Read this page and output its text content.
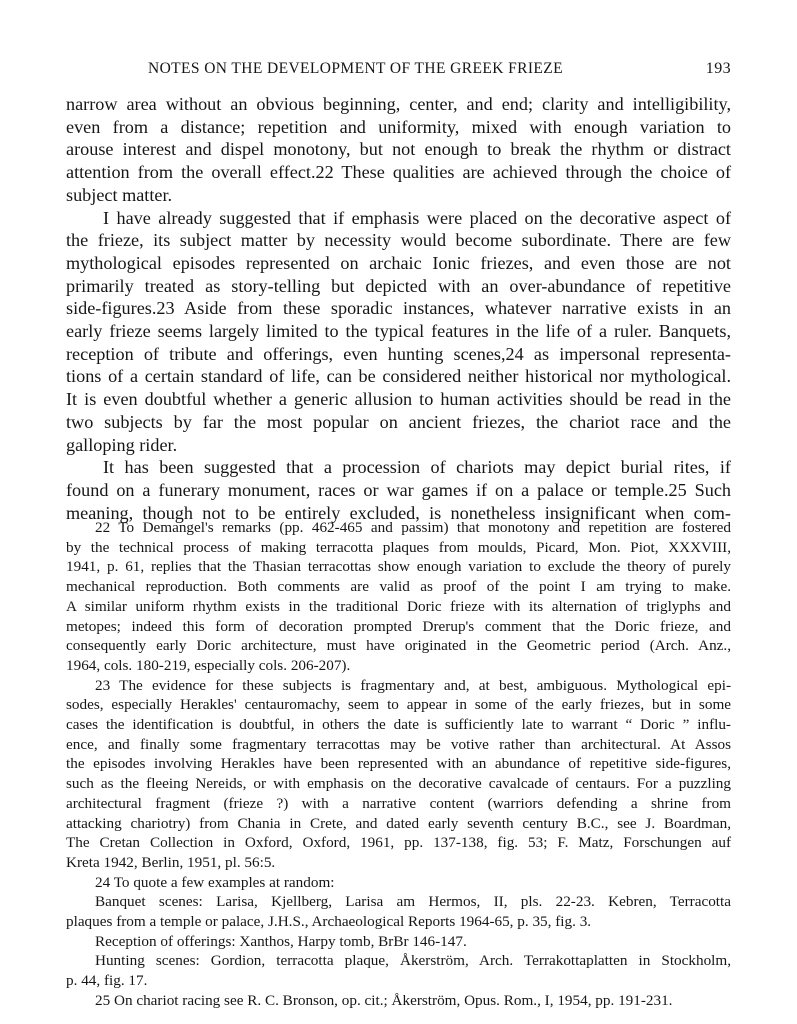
NOTES ON THE DEVELOPMENT OF THE GREEK FRIEZE	193
narrow area without an obvious beginning, center, and end; clarity and intelligibility,
even from a distance; repetition and uniformity, mixed with enough variation to
arouse interest and dispel monotony, but not enough to break the rhythm or distract
attention from the overall effect.22 These qualities are achieved through the choice of
subject matter.
I have already suggested that if emphasis were placed on the decorative aspect of
the frieze, its subject matter by necessity would become subordinate. There are few
mythological episodes represented on archaic Ionic friezes, and even those are not
primarily treated as story-telling but depicted with an over-abundance of repetitive
side-figures.23 Aside from these sporadic instances, whatever narrative exists in an
early frieze seems largely limited to the typical features in the life of a ruler. Banquets,
reception of tribute and offerings, even hunting scenes,24 as impersonal representa-
tions of a certain standard of life, can be considered neither historical nor mythological.
It is even doubtful whether a generic allusion to human activities should be read in the
two subjects by far the most popular on ancient friezes, the chariot race and the
galloping rider.
It has been suggested that a procession of chariots may depict burial rites, if
found on a funerary monument, races or war games if on a palace or temple.25 Such
meaning, though not to be entirely excluded, is nonetheless insignificant when com-
22 To Demangel's remarks (pp. 462-465 and passim) that monotony and repetition are fostered
by the technical process of making terracotta plaques from moulds, Picard, Mon. Piot, XXXVIII,
1941, p. 61, replies that the Thasian terracottas show enough variation to exclude the theory of purely
mechanical reproduction. Both comments are valid as proof of the point I am trying to make.
A similar uniform rhythm exists in the traditional Doric frieze with its alternation of triglyphs and
metopes; indeed this form of decoration prompted Drerup's comment that the Doric frieze, and
consequently early Doric architecture, must have originated in the Geometric period (Arch. Anz.,
1964, cols. 180-219, especially cols. 206-207).
23 The evidence for these subjects is fragmentary and, at best, ambiguous. Mythological epi-
sodes, especially Herakles' centauromachy, seem to appear in some of the early friezes, but in some
cases the identification is doubtful, in others the date is sufficiently late to warrant “ Doric ” influ-
ence, and finally some fragmentary terracottas may be votive rather than architectural. At Assos
the episodes involving Herakles have been represented with an abundance of repetitive side-figures,
such as the fleeing Nereids, or with emphasis on the decorative cavalcade of centaurs. For a puzzling
architectural fragment (frieze ?) with a narrative content (warriors defending a shrine from
attacking chariotry) from Chania in Crete, and dated early seventh century B.C., see J. Boardman,
The Cretan Collection in Oxford, Oxford, 1961, pp. 137-138, fig. 53; F. Matz, Forschungen auf
Kreta 1942, Berlin, 1951, pl. 56:5.
24 To quote a few examples at random:
Banquet scenes: Larisa, Kjellberg, Larisa am Hermos, II, pls. 22-23. Kebren, Terracotta
plaques from a temple or palace, J.H.S., Archaeological Reports 1964-65, p. 35, fig. 3.
Reception of offerings: Xanthos, Harpy tomb, BrBr 146-147.
Hunting scenes: Gordion, terracotta plaque, Åkerström, Arch. Terrakottaplatten in Stockholm,
p. 44, fig. 17.
25 On chariot racing see R. C. Bronson, op. cit.; Åkerström, Opus. Rom., I, 1954, pp. 191-231.
